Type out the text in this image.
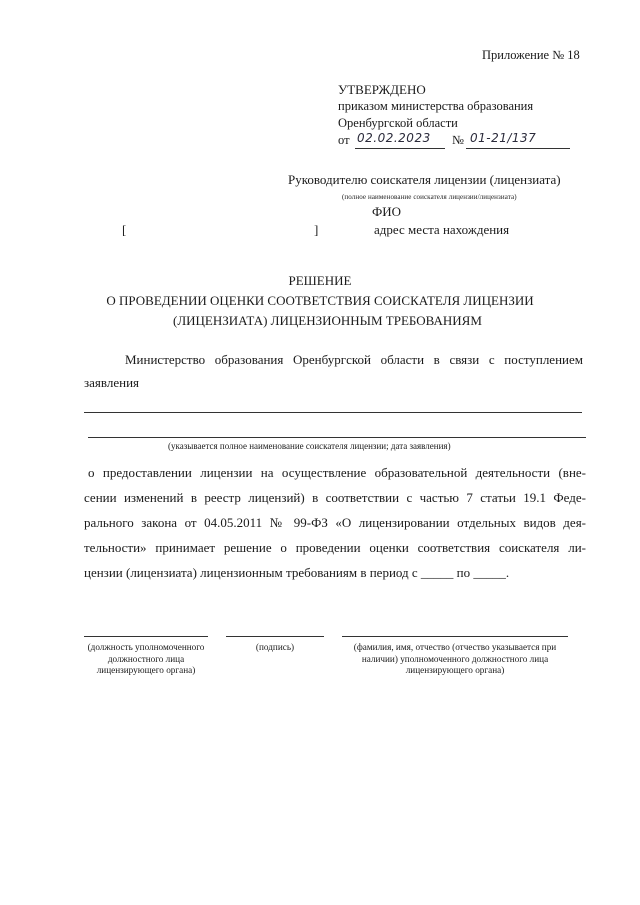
Приложение № 18
УТВЕРЖДЕНО
приказом министерства образования
Оренбургской области
от 02.02.2023 № 01-21/137
Руководителю соискателя лицензии (лицензиата)
(полное наименование соискателя лицензии/лицензиата)
ФИО
[	]	адрес места нахождения
РЕШЕНИЕ
О ПРОВЕДЕНИИ ОЦЕНКИ СООТВЕТСТВИЯ СОИСКАТЕЛЯ ЛИЦЕНЗИИ
(ЛИЦЕНЗИАТА) ЛИЦЕНЗИОННЫМ ТРЕБОВАНИЯМ
Министерство образования Оренбургской области в связи с поступлением
заявления
(указывается полное наименование соискателя лицензии; дата заявления)
о предоставлении лицензии на осуществление образовательной деятельности (вне-
сении изменений в реестр лицензий) в соответствии с частью 7 статьи 19.1 Феде-
рального закона от 04.05.2011 № 99-ФЗ «О лицензировании отдельных видов дея-
тельности» принимает решение о проведении оценки соответствия соискателя ли-
цензии (лицензиата) лицензионным требованиям в период с _____ по _____.
(должность уполномоченного должностного лица лицензирующего органа)
(подпись)	(фамилия, имя, отчество (отчество указывается при наличии) уполномоченного должностного лица лицензирующего органа)
